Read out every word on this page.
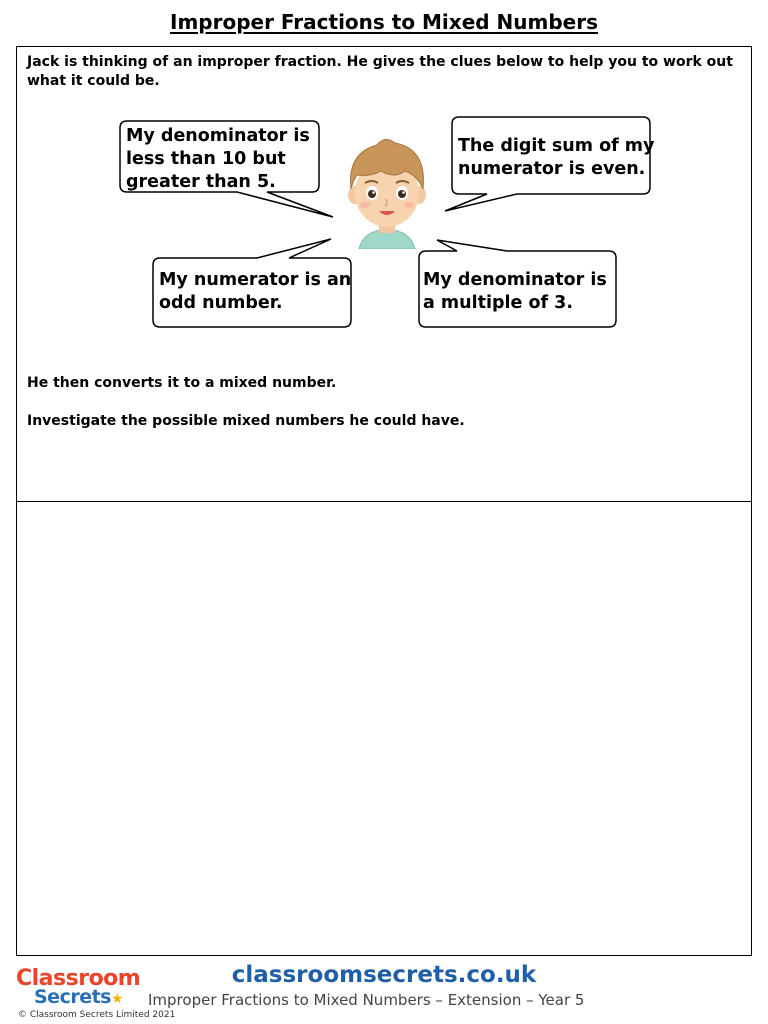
Improper Fractions to Mixed Numbers
Jack is thinking of an improper fraction. He gives the clues below to help you to work out what it could be.
My denominator is
less than 10 but
greater than 5.
The digit sum of my
numerator is even.
My numerator is an
odd number.
My denominator is
a multiple of 3.
He then converts it to a mixed number.
Investigate the possible mixed numbers he could have.
Classroom
Secrets★
classroomsecrets.co.uk
Improper Fractions to Mixed Numbers – Extension – Year 5
© Classroom Secrets Limited 2021
